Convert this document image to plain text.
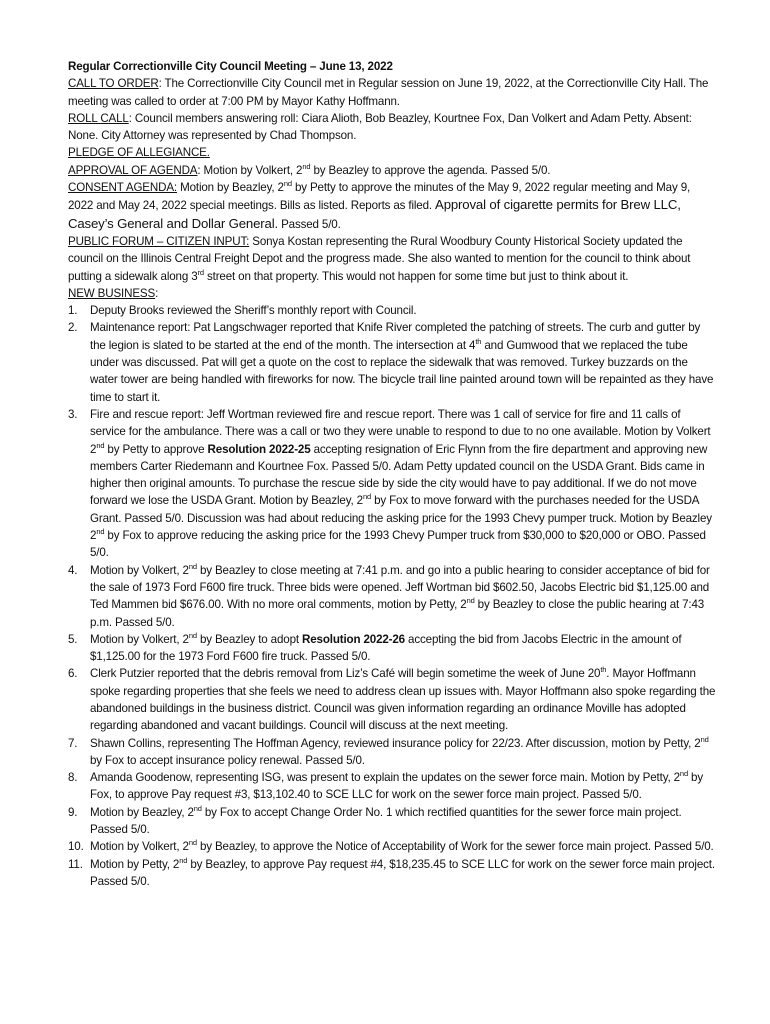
Regular Correctionville City Council Meeting – June 13, 2022

CALL TO ORDER: The Correctionville City Council met in Regular session on June 19, 2022, at the Correctionville City Hall. The meeting was called to order at 7:00 PM by Mayor Kathy Hoffmann.

ROLL CALL: Council members answering roll: Ciara Alioth, Bob Beazley, Kourtnee Fox, Dan Volkert and Adam Petty. Absent: None. City Attorney was represented by Chad Thompson.

PLEDGE OF ALLEGIANCE.

APPROVAL OF AGENDA: Motion by Volkert, 2nd by Beazley to approve the agenda. Passed 5/0.

CONSENT AGENDA: Motion by Beazley, 2nd by Petty to approve the minutes of the May 9, 2022 regular meeting and May 9, 2022 and May 24, 2022 special meetings. Bills as listed. Reports as filed. Approval of cigarette permits for Brew LLC, Casey’s General and Dollar General. Passed 5/0.

PUBLIC FORUM – CITIZEN INPUT: Sonya Kostan representing the Rural Woodbury County Historical Society updated the council on the Illinois Central Freight Depot and the progress made. She also wanted to mention for the council to think about putting a sidewalk along 3rd street on that property. This would not happen for some time but just to think about it.

NEW BUSINESS:

1. Deputy Brooks reviewed the Sheriff’s monthly report with Council.
2. Maintenance report: Pat Langschwager reported that Knife River completed the patching of streets. The curb and gutter by the legion is slated to be started at the end of the month. The intersection at 4th and Gumwood that we replaced the tube under was discussed. Pat will get a quote on the cost to replace the sidewalk that was removed. Turkey buzzards on the water tower are being handled with fireworks for now. The bicycle trail line painted around town will be repainted as they have time to start it.
3. Fire and rescue report: Jeff Wortman reviewed fire and rescue report. There was 1 call of service for fire and 11 calls of service for the ambulance. There was a call or two they were unable to respond to due to no one available. Motion by Volkert 2nd by Petty to approve Resolution 2022-25 accepting resignation of Eric Flynn from the fire department and approving new members Carter Riedemann and Kourtnee Fox. Passed 5/0. Adam Petty updated council on the USDA Grant. Bids came in higher then original amounts. To purchase the rescue side by side the city would have to pay additional. If we do not move forward we lose the USDA Grant. Motion by Beazley, 2nd by Fox to move forward with the purchases needed for the USDA Grant. Passed 5/0. Discussion was had about reducing the asking price for the 1993 Chevy pumper truck. Motion by Beazley 2nd by Fox to approve reducing the asking price for the 1993 Chevy Pumper truck from $30,000 to $20,000 or OBO. Passed 5/0.
4. Motion by Volkert, 2nd by Beazley to close meeting at 7:41 p.m. and go into a public hearing to consider acceptance of bid for the sale of 1973 Ford F600 fire truck. Three bids were opened. Jeff Wortman bid $602.50, Jacobs Electric bid $1,125.00 and Ted Mammen bid $676.00. With no more oral comments, motion by Petty, 2nd by Beazley to close the public hearing at 7:43 p.m. Passed 5/0.
5. Motion by Volkert, 2nd by Beazley to adopt Resolution 2022-26 accepting the bid from Jacobs Electric in the amount of $1,125.00 for the 1973 Ford F600 fire truck. Passed 5/0.
6. Clerk Putzier reported that the debris removal from Liz’s Café will begin sometime the week of June 20th. Mayor Hoffmann spoke regarding properties that she feels we need to address clean up issues with. Mayor Hoffmann also spoke regarding the abandoned buildings in the business district. Council was given information regarding an ordinance Moville has adopted regarding abandoned and vacant buildings. Council will discuss at the next meeting.
7. Shawn Collins, representing The Hoffman Agency, reviewed insurance policy for 22/23. After discussion, motion by Petty, 2nd by Fox to accept insurance policy renewal. Passed 5/0.
8. Amanda Goodenow, representing ISG, was present to explain the updates on the sewer force main. Motion by Petty, 2nd by Fox, to approve Pay request #3, $13,102.40 to SCE LLC for work on the sewer force main project. Passed 5/0.
9. Motion by Beazley, 2nd by Fox to accept Change Order No. 1 which rectified quantities for the sewer force main project. Passed 5/0.
10. Motion by Volkert, 2nd by Beazley, to approve the Notice of Acceptability of Work for the sewer force main project. Passed 5/0.
11. Motion by Petty, 2nd by Beazley, to approve Pay request #4, $18,235.45 to SCE LLC for work on the sewer force main project. Passed 5/0.
